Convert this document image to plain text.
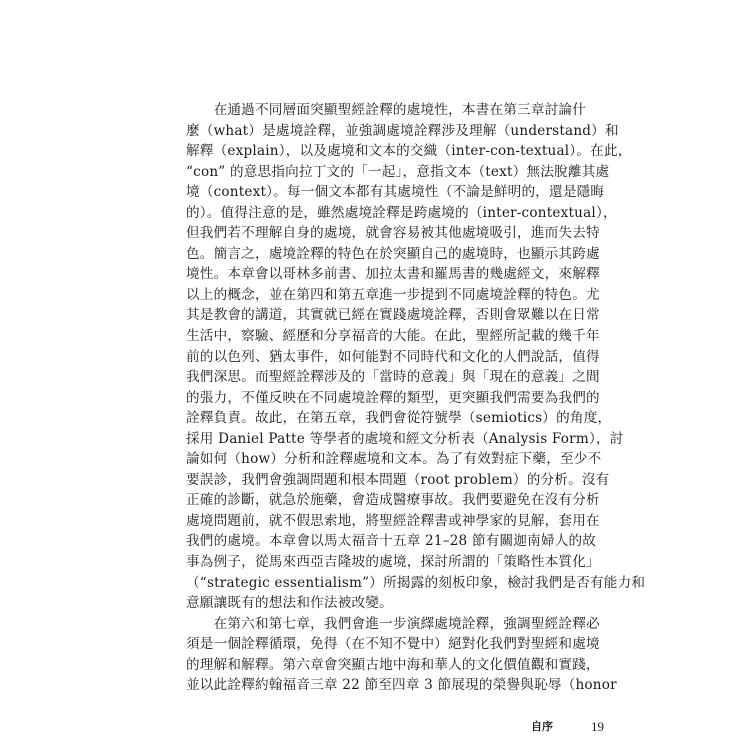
　　在通過不同層面突顯聖經詮釋的處境性，本書在第三章討論什
麼（what）是處境詮釋，並強調處境詮釋涉及理解（understand）和
解釋（explain），以及處境和文本的交織（inter-con-textual）。在此，
“con” 的意思指向拉丁文的「一起」，意指文本（text）無法脫離其處
境（context）。每一個文本都有其處境性（不論是鮮明的，還是隱晦
的）。值得注意的是，雖然處境詮釋是跨處境的（inter-contextual），
但我們若不理解自身的處境，就會容易被其他處境吸引，進而失去特
色。簡言之，處境詮釋的特色在於突顯自己的處境時，也顯示其跨處
境性。本章會以哥林多前書、加拉太書和羅馬書的幾處經文，來解釋
以上的概念，並在第四和第五章進一步提到不同處境詮釋的特色。尤
其是教會的講道，其實就已經在實踐處境詮釋，否則會眾難以在日常
生活中，察驗、經歷和分享福音的大能。在此，聖經所記載的幾千年
前的以色列、猶太事件，如何能對不同時代和文化的人們說話，值得
我們深思。而聖經詮釋涉及的「當時的意義」與「現在的意義」之間
的張力，不僅反映在不同處境詮釋的類型，更突顯我們需要為我們的
詮釋負責。故此，在第五章，我們會從符號學（semiotics）的角度，
採用 Daniel Patte 等學者的處境和經文分析表（Analysis Form），討
論如何（how）分析和詮釋處境和文本。為了有效對症下藥，至少不
要誤診，我們會強調問題和根本問題（root problem）的分析。沒有
正確的診斷，就急於施藥，會造成醫療事故。我們要避免在沒有分析
處境問題前，就不假思索地，將聖經詮釋書或神學家的見解，套用在
我們的處境。本章會以馬太福音十五章 21–28 節有關迦南婦人的故
事為例子，從馬來西亞吉隆坡的處境，探討所謂的「策略性本質化」
（“strategic essentialism”）所揭露的刻板印象，檢討我們是否有能力和
意願讓既有的想法和作法被改變。
　　在第六和第七章，我們會進一步演繹處境詮釋，強調聖經詮釋必
須是一個詮釋循環，免得（在不知不覺中）絕對化我們對聖經和處境
的理解和解釋。第六章會突顯古地中海和華人的文化價值觀和實踐，
並以此詮釋約翰福音三章 22 節至四章 3 節展現的榮譽與恥辱（honor
自序	19
